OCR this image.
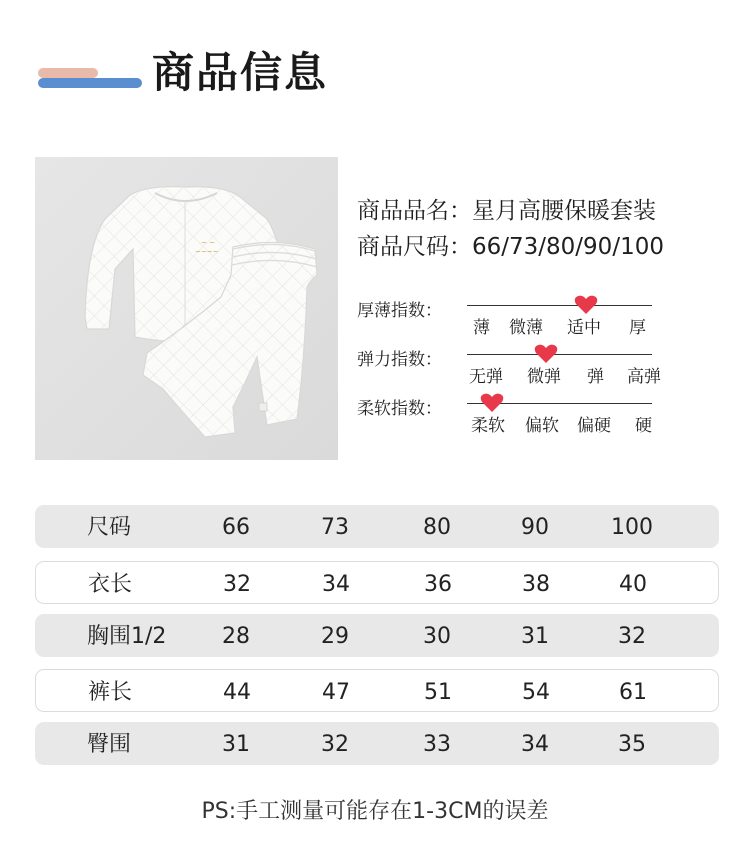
商品信息
~ ~
~~~~
商品品名：星月高腰保暖套装
商品尺码：66/73/80/90/100
厚薄指数：
薄 微薄 适中 厚
弹力指数：
无弹 微弹 弹 高弹
柔软指数：
柔软 偏软 偏硬 硬
尺码	66	73	80	90	100
衣长	32	34	36	38	40
胸围1/2	28	29	30	31	32
裤长	44	47	51	54	61
臀围	31	32	33	34	35
PS:手工测量可能存在1-3CM的误差
